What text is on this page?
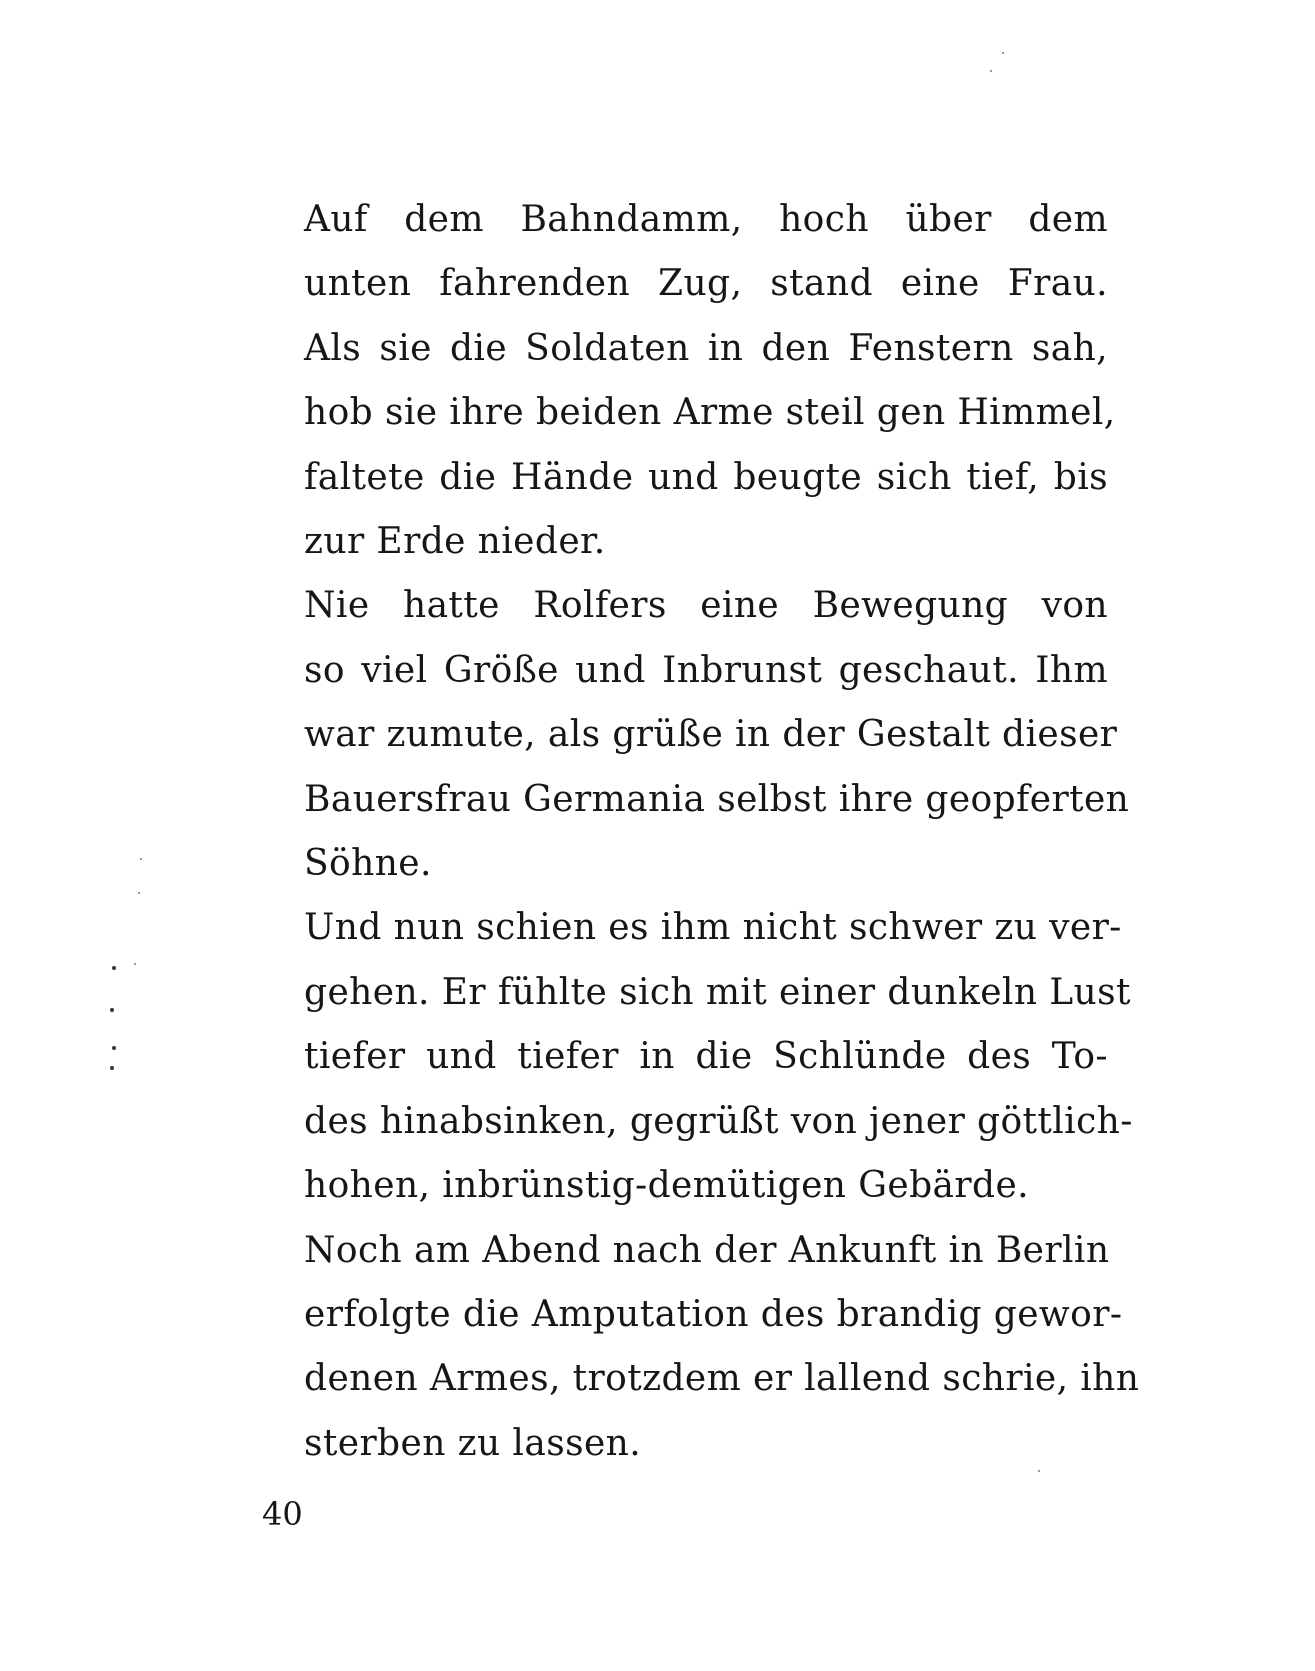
Auf dem Bahndamm, hoch über dem
unten fahrenden Zug, stand eine Frau.
Als sie die Soldaten in den Fenstern sah,
hob sie ihre beiden Arme steil gen Himmel,
faltete die Hände und beugte sich tief, bis
zur Erde nieder.

Nie hatte Rolfers eine Bewegung von
so viel Größe und Inbrunst geschaut. Ihm
war zumute, als grüße in der Gestalt dieser
Bauersfrau Germania selbst ihre geopferten
Söhne.

Und nun schien es ihm nicht schwer zu ver-
gehen. Er fühlte sich mit einer dunkeln Lust
tiefer und tiefer in die Schlünde des To-
des hinabsinken, gegrüßt von jener göttlich-
hohen, inbrünstig-demütigen Gebärde.

Noch am Abend nach der Ankunft in Berlin
erfolgte die Amputation des brandig gewor-
denen Armes, trotzdem er lallend schrie, ihn
sterben zu lassen.

40
